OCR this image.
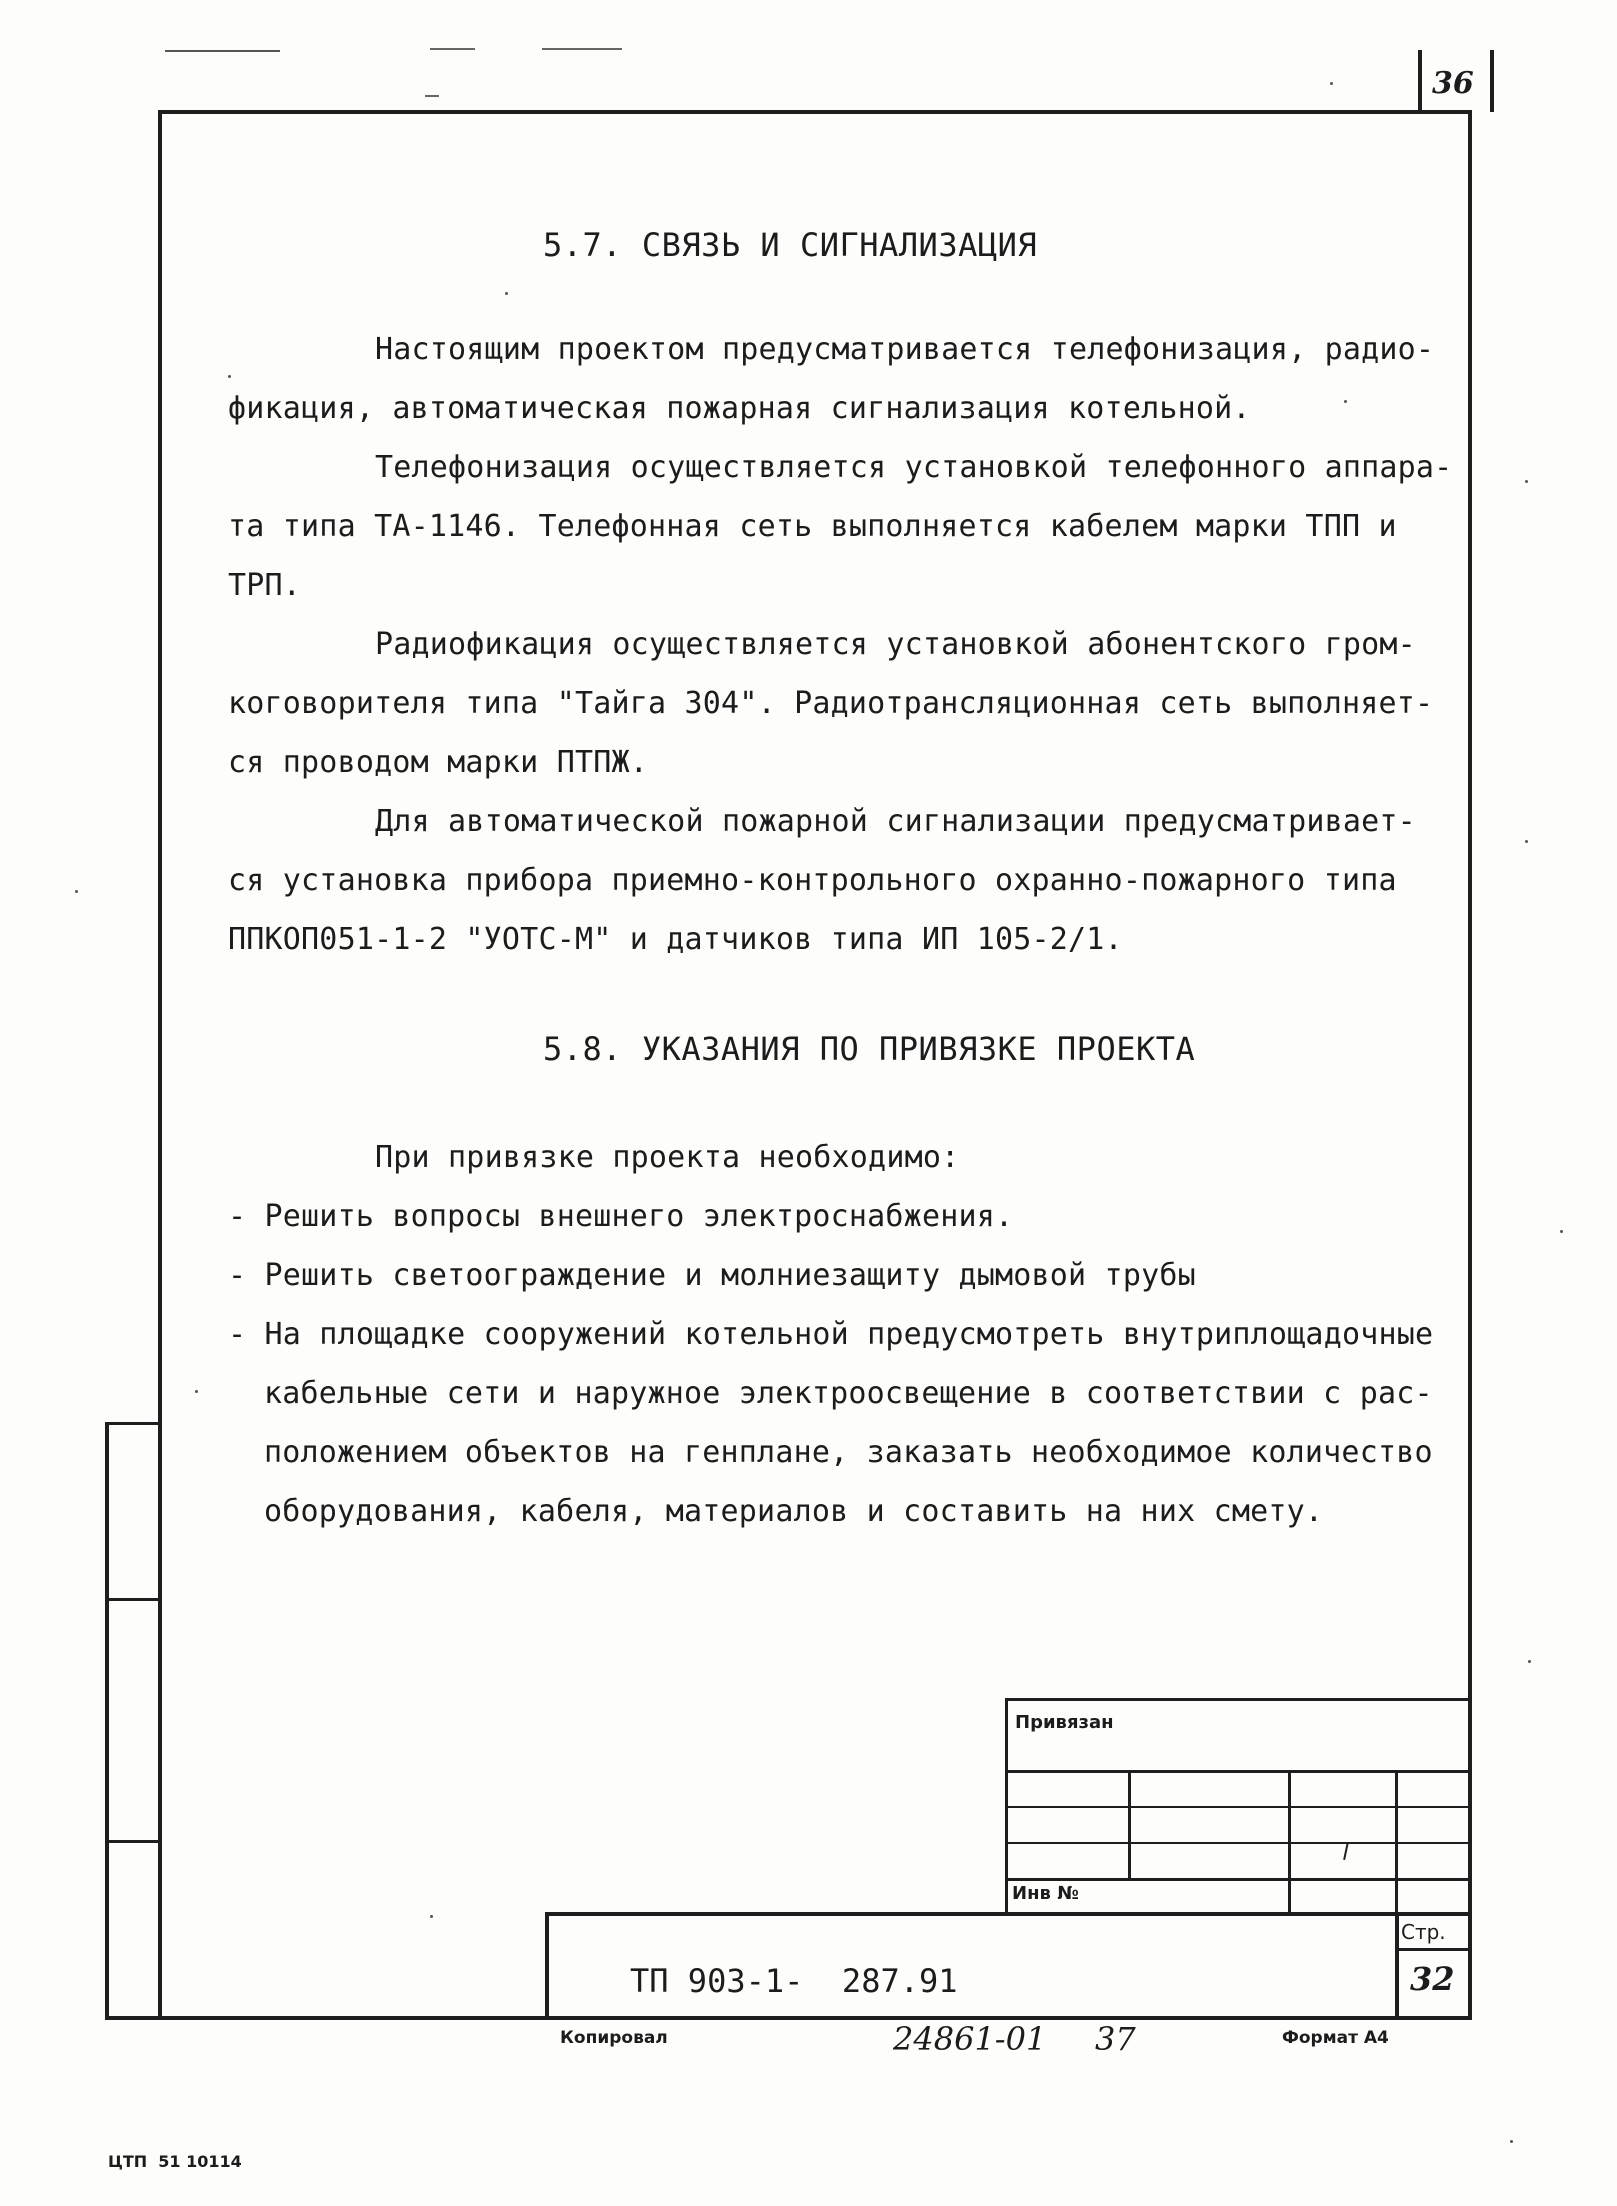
36
5.7. СВЯЗЬ И СИГНАЛИЗАЦИЯ
Настоящим проектом предусматривается телефонизация, радио-
фикация, автоматическая пожарная сигнализация котельной.
Телефонизация осуществляется установкой телефонного аппара-
та типа ТА-1146. Телефонная сеть выполняется кабелем марки ТПП и
ТРП.
Радиофикация осуществляется установкой абонентского гром-
коговорителя типа "Тайга 304". Радиотрансляционная сеть выполняет-
ся проводом марки ПТПЖ.
Для автоматической пожарной сигнализации предусматривает-
ся установка прибора приемно-контрольного охранно-пожарного типа
ППКОП051-1-2 "УОТС-М" и датчиков типа ИП 105-2/1.
5.8. УКАЗАНИЯ ПО ПРИВЯЗКЕ ПРОЕКТА
При привязке проекта необходимо:
- Решить вопросы внешнего электроснабжения.
- Решить светоограждение и молниезащиту дымовой трубы
- На площадке сооружений котельной предусмотреть внутриплощадочные
кабельные сети и наружное электроосвещение в соответствии с рас-
положением объектов на генплане, заказать необходимое количество
оборудования, кабеля, материалов и составить на них смету.
Привязан
Инв №
ТП 903-1-  287.91
Стр.
32
Копировал	24861-01 37	Формат А4
ЦТП  51 10114
